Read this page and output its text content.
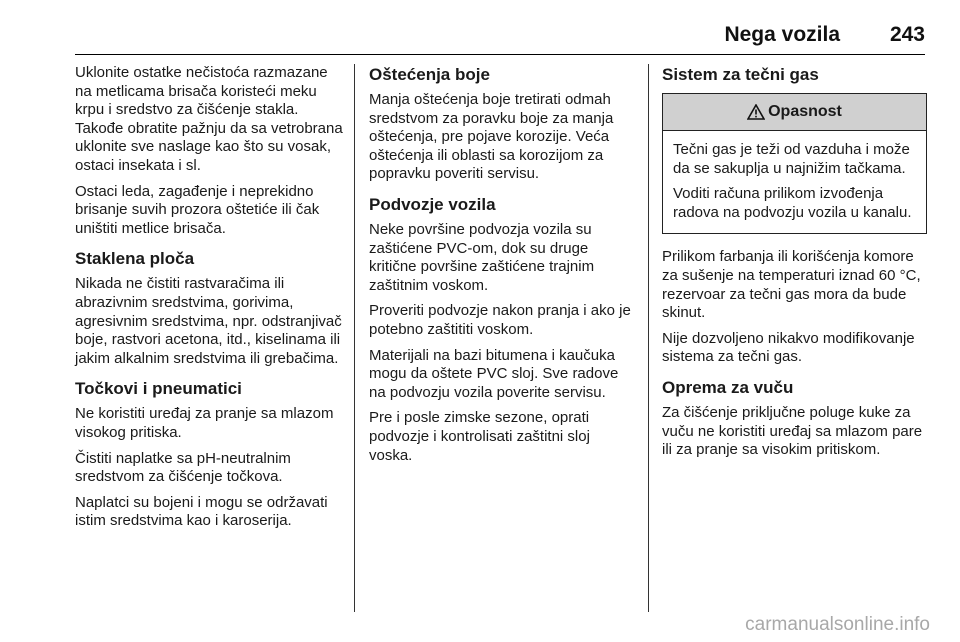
Nega vozila 243

Uklonite ostatke nečistoća razmazane na metlicama brisača koristeći meku krpu i sredstvo za čišćenje stakla. Takođe obratite pažnju da sa vetrobrana uklonite sve naslage kao što su vosak, ostaci insekata i sl.

Ostaci leda, zagađenje i neprekidno brisanje suvih prozora oštetiće ili čak uništiti metlice brisača.

Staklena ploča

Nikada ne čistiti rastvaračima ili abrazivnim sredstvima, gorivima, agresivnim sredstvima, npr. odstranjivač boje, rastvori acetona, itd., kiselinama ili jakim alkalnim sredstvima ili grebačima.

Točkovi i pneumatici

Ne koristiti uređaj za pranje sa mlazom visokog pritiska.

Čistiti naplatke sa pH-neutralnim sredstvom za čišćenje točkova.

Naplatci su bojeni i mogu se održavati istim sredstvima kao i karoserija.

Oštećenja boje

Manja oštećenja boje tretirati odmah sredstvom za poravku boje za manja oštećenja, pre pojave korozije. Veća oštećenja ili oblasti sa korozijom za popravku poveriti servisu.

Podvozje vozila

Neke površine podvozja vozila su zaštićene PVC-om, dok su druge kritične površine zaštićene trajnim zaštitnim voskom.

Proveriti podvozje nakon pranja i ako je potebno zaštititi voskom.

Materijali na bazi bitumena i kaučuka mogu da oštete PVC sloj. Sve radove na podvozju vozila poverite servisu.

Pre i posle zimske sezone, oprati podvozje i kontrolisati zaštitni sloj voska.

Sistem za tečni gas
Opasnost

Tečni gas je teži od vazduha i može da se sakuplja u najnižim tačkama.

Voditi računa prilikom izvođenja radova na podvozju vozila u kanalu.

Prilikom farbanja ili korišćenja komore za sušenje na temperaturi iznad 60 °C, rezervoar za tečni gas mora da bude skinut.

Nije dozvoljeno nikakvo modifikovanje sistema za tečni gas.

Oprema za vuču

Za čišćenje priključne poluge kuke za vuču ne koristiti uređaj sa mlazom pare ili za pranje sa visokim pritiskom.

carmanualsonline.info
